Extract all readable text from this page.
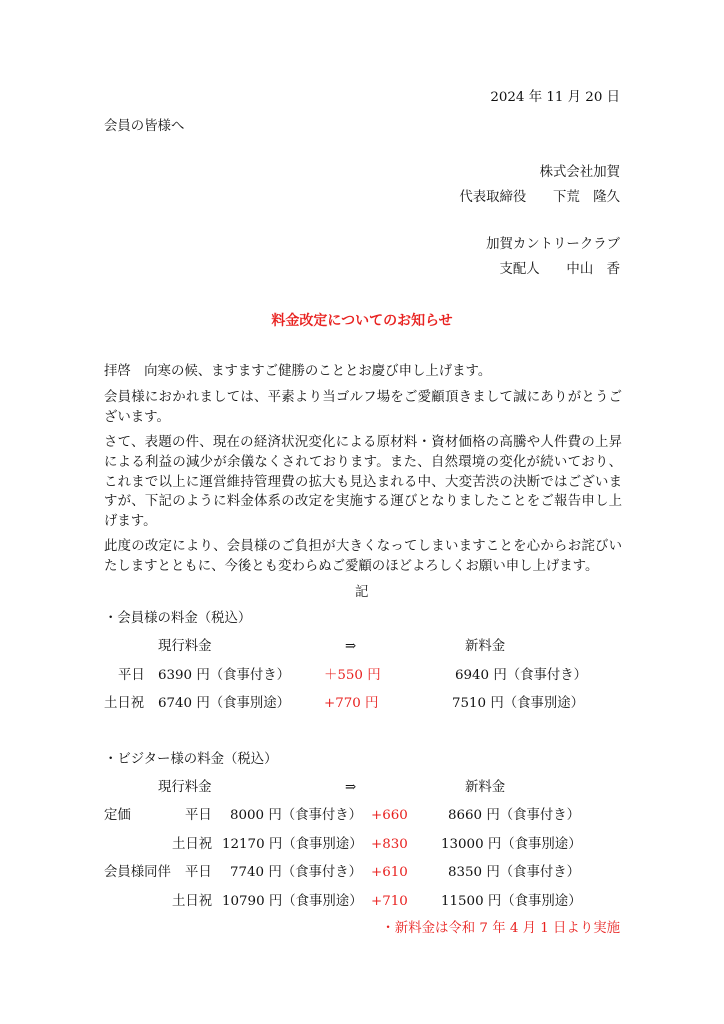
2024 年 11 月 20 日
会員の皆様へ
株式会社加賀
代表取締役　　下荒　隆久
加賀カントリークラブ
支配人　　中山　香
料金改定についてのお知らせ
拝啓　向寒の候、ますますご健勝のこととお慶び申し上げます。
会員様におかれましては、平素より当ゴルフ場をご愛顧頂きまして誠にありがとうございます。
さて、表題の件、現在の経済状況変化による原材料・資材価格の高騰や人件費の上昇による利益の減少が余儀なくされております。また、自然環境の変化が続いており、これまで以上に運営維持管理費の拡大も見込まれる中、大変苦渋の決断ではございますが、下記のように料金体系の改定を実施する運びとなりましたことをご報告申し上げます。
此度の改定により、会員様のご負担が大きくなってしまいますことを心からお詫びいたしますとともに、今後とも変わらぬご愛顧のほどよろしくお願い申し上げます。
記
・会員様の料金（税込）
現行料金	⇒	新料金
平日 6390 円（食事付き）	＋550 円	6940 円（食事付き）
土日祝 6740 円（食事別途）	+770 円	7510 円（食事別途）
・ビジター様の料金（税込）
現行料金	⇒	新料金
定価	平日 8000 円（食事付き） +660	8660 円（食事付き）
土日祝 12170 円（食事別途） +830 13000 円（食事別途）
会員様同伴 平日 7740 円（食事付き） +610	8350 円（食事付き）
土日祝 10790 円（食事別途） +710 11500 円（食事別途）
・新料金は令和 7 年 4 月 1 日より実施
